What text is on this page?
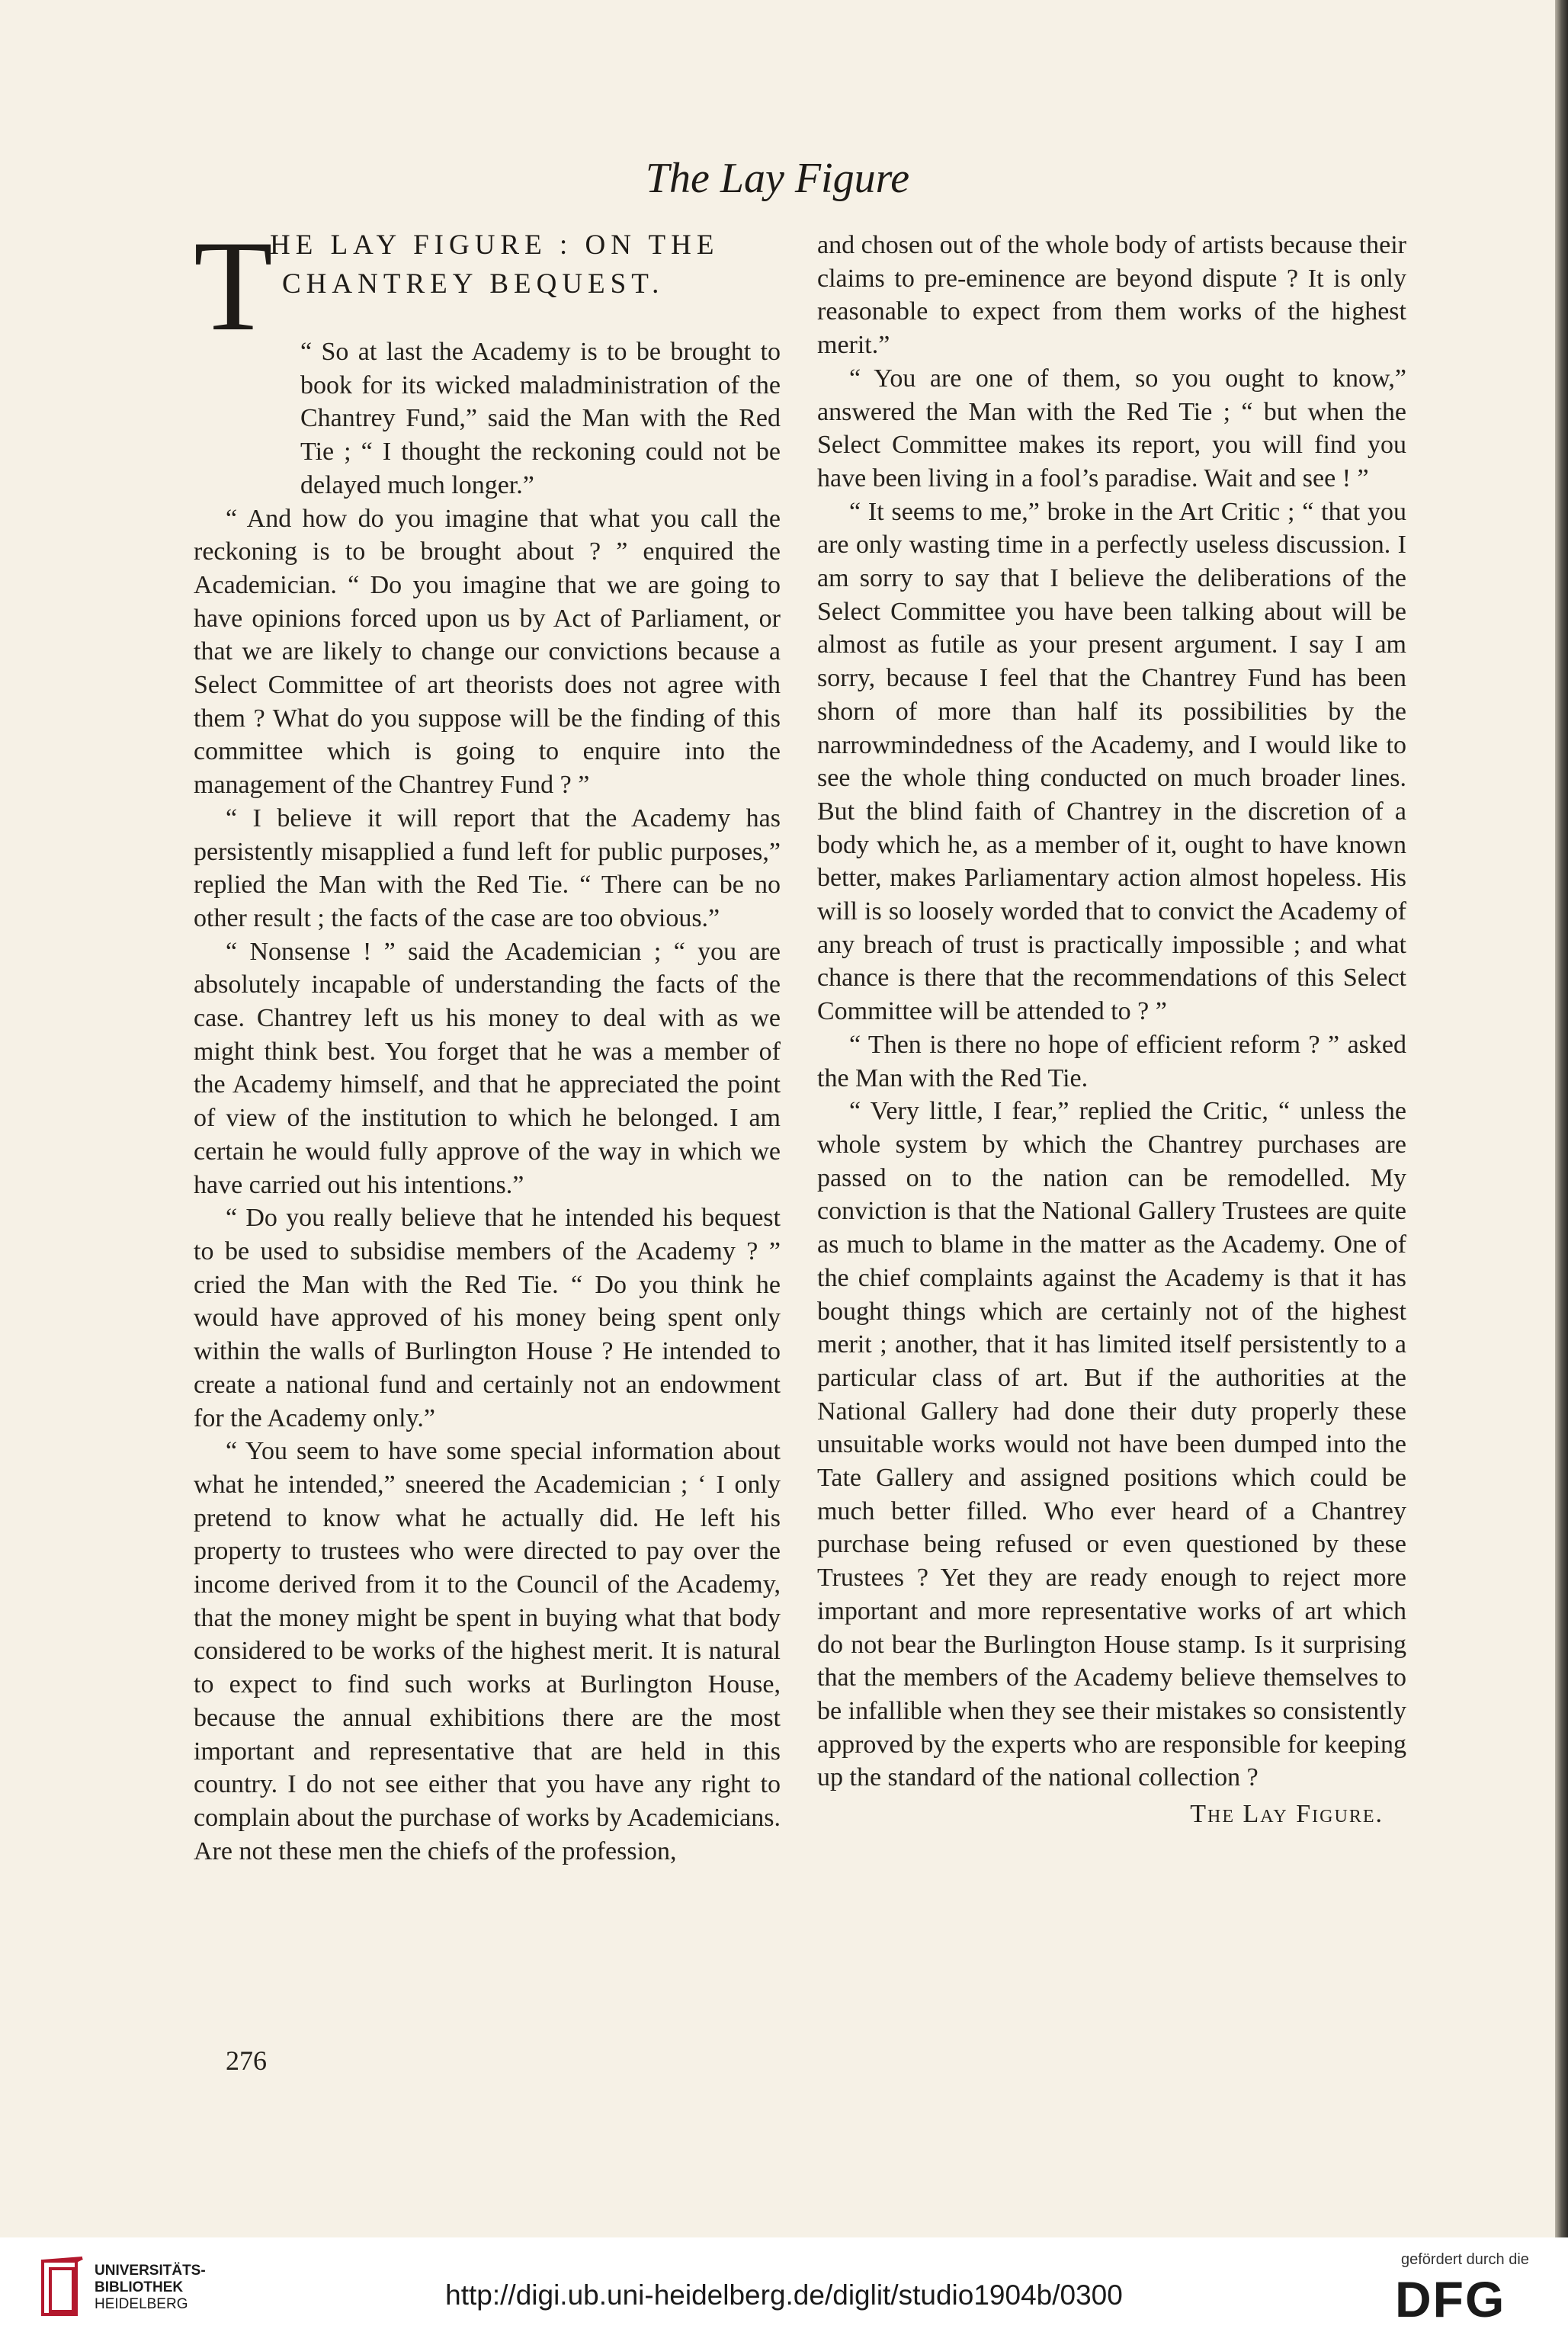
The Lay Figure
T
HE LAY FIGURE : ON THE
CHANTREY BEQUEST.

“ So at last the Academy is to be brought to book for its wicked maladministration of the Chantrey Fund,” said the Man with the Red Tie ; “ I thought the reckoning could not be delayed much longer.”

“ And how do you imagine that what you call the reckoning is to be brought about ? ” enquired the Academician. “ Do you imagine that we are going to have opinions forced upon us by Act of Parliament, or that we are likely to change our convictions because a Select Committee of art theorists does not agree with them ? What do you suppose will be the finding of this committee which is going to enquire into the management of the Chantrey Fund ? ”

“ I believe it will report that the Academy has persistently misapplied a fund left for public purposes,” replied the Man with the Red Tie. “ There can be no other result ; the facts of the case are too obvious.”

“ Nonsense ! ” said the Academician ; “ you are absolutely incapable of understanding the facts of the case. Chantrey left us his money to deal with as we might think best. You forget that he was a member of the Academy himself, and that he appreciated the point of view of the institution to which he belonged. I am certain he would fully approve of the way in which we have carried out his intentions.”

“ Do you really believe that he intended his bequest to be used to subsidise members of the Academy ? ” cried the Man with the Red Tie. “ Do you think he would have approved of his money being spent only within the walls of Burlington House ? He intended to create a national fund and certainly not an endowment for the Academy only.”

“ You seem to have some special information about what he intended,” sneered the Academician ; ‘ I only pretend to know what he actually did. He left his property to trustees who were directed to pay over the income derived from it to the Council of the Academy, that the money might be spent in buying what that body considered to be works of the highest merit. It is natural to expect to find such works at Burlington House, because the annual exhibitions there are the most important and representative that are held in this country. I do not see either that you have any right to complain about the purchase of works by Academicians. Are not these men the chiefs of the profession,

and chosen out of the whole body of artists because their claims to pre-eminence are beyond dispute ? It is only reasonable to expect from them works of the highest merit.”

“ You are one of them, so you ought to know,” answered the Man with the Red Tie ; “ but when the Select Committee makes its report, you will find you have been living in a fool’s paradise. Wait and see ! ”

“ It seems to me,” broke in the Art Critic ; “ that you are only wasting time in a perfectly useless discussion. I am sorry to say that I believe the deliberations of the Select Committee you have been talking about will be almost as futile as your present argument. I say I am sorry, because I feel that the Chantrey Fund has been shorn of more than half its possibilities by the narrowmindedness of the Academy, and I would like to see the whole thing conducted on much broader lines. But the blind faith of Chantrey in the discretion of a body which he, as a member of it, ought to have known better, makes Parliamentary action almost hopeless. His will is so loosely worded that to convict the Academy of any breach of trust is practically impossible ; and what chance is there that the recommendations of this Select Committee will be attended to ? ”

“ Then is there no hope of efficient reform ? ” asked the Man with the Red Tie.

“ Very little, I fear,” replied the Critic, “ unless the whole system by which the Chantrey purchases are passed on to the nation can be remodelled. My conviction is that the National Gallery Trustees are quite as much to blame in the matter as the Academy. One of the chief complaints against the Academy is that it has bought things which are certainly not of the highest merit ; another, that it has limited itself persistently to a particular class of art. But if the authorities at the National Gallery had done their duty properly these unsuitable works would not have been dumped into the Tate Gallery and assigned positions which could be much better filled. Who ever heard of a Chantrey purchase being refused or even questioned by these Trustees ? Yet they are ready enough to reject more important and more representative works of art which do not bear the Burlington House stamp. Is it surprising that the members of the Academy believe themselves to be infallible when they see their mistakes so consistently approved by the experts who are responsible for keeping up the standard of the national collection ?

The Lay Figure.
276
UNIVERSITÄTS-
BIBLIOTHEK
HEIDELBERG	http://digi.ub.uni-heidelberg.de/diglit/studio1904b/0300
gefördert durch die
DFG
